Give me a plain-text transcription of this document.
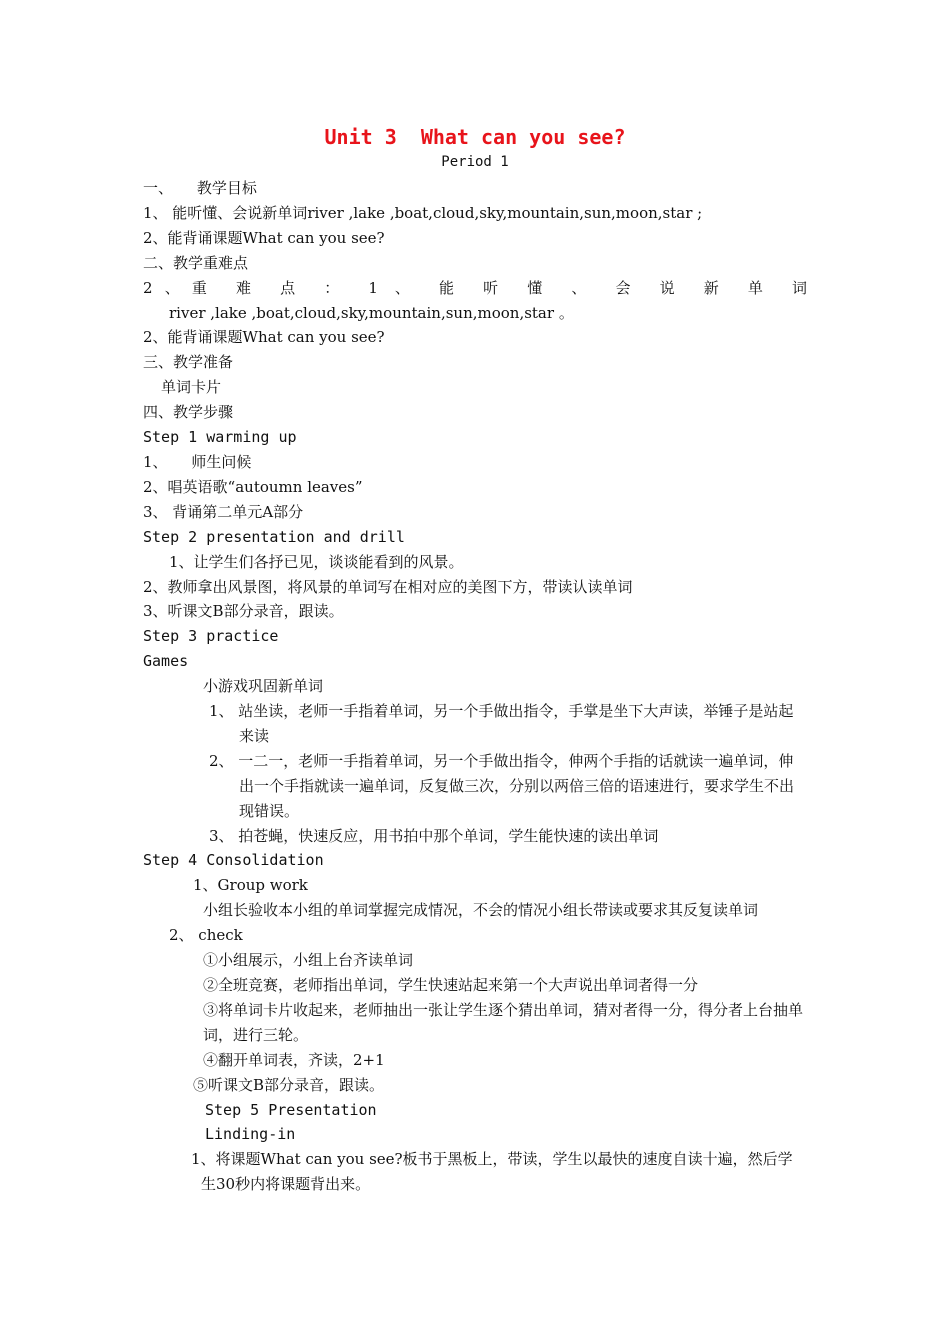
Unit 3  What can you see?
Period 1

一、     教学目标

1、 能听懂、会说新单词river ,lake ,boat,cloud,sky,mountain,sun,moon,star ;

2、能背诵课题What can you see?

二、教学重难点

2、重 难 点 ： 1 、 能 听 懂 、 会 说 新 单 词

river ,lake ,boat,cloud,sky,mountain,sun,moon,star 。

2、能背诵课题What can you see?

三、教学准备

单词卡片

四、教学步骤

Step 1 warming up

1、     师生问候

2、唱英语歌“autoumn leaves”

3、 背诵第二单元A部分

Step 2 presentation and drill

1、让学生们各抒已见，谈谈能看到的风景。

2、教师拿出风景图，将风景的单词写在相对应的美图下方，带读认读单词

3、听课文B部分录音，跟读。

Step 3 practice

Games

小游戏巩固新单词

1、 站坐读，老师一手指着单词，另一个手做出指令，手掌是坐下大声读，举锤子是站起来读

2、 一二一，老师一手指着单词，另一个手做出指令，伸两个手指的话就读一遍单词，伸出一个手指就读一遍单词，反复做三次，分别以两倍三倍的语速进行，要求学生不出现错误。

3、 拍苍蝇，快速反应，用书拍中那个单词，学生能快速的读出单词

Step 4 Consolidation

1、Group work

小组长验收本小组的单词掌握完成情况，不会的情况小组长带读或要求其反复读单词

2、 check

①小组展示，小组上台齐读单词

②全班竞赛，老师指出单词，学生快速站起来第一个大声说出单词者得一分

③将单词卡片收起来，老师抽出一张让学生逐个猜出单词，猜对者得一分，得分者上台抽单词，进行三轮。

④翻开单词表，齐读，2+1

⑤听课文B部分录音，跟读。

Step 5 Presentation

Linding-in

1、将课题What can you see?板书于黑板上，带读，学生以最快的速度自读十遍，然后学生30秒内将课题背出来。
